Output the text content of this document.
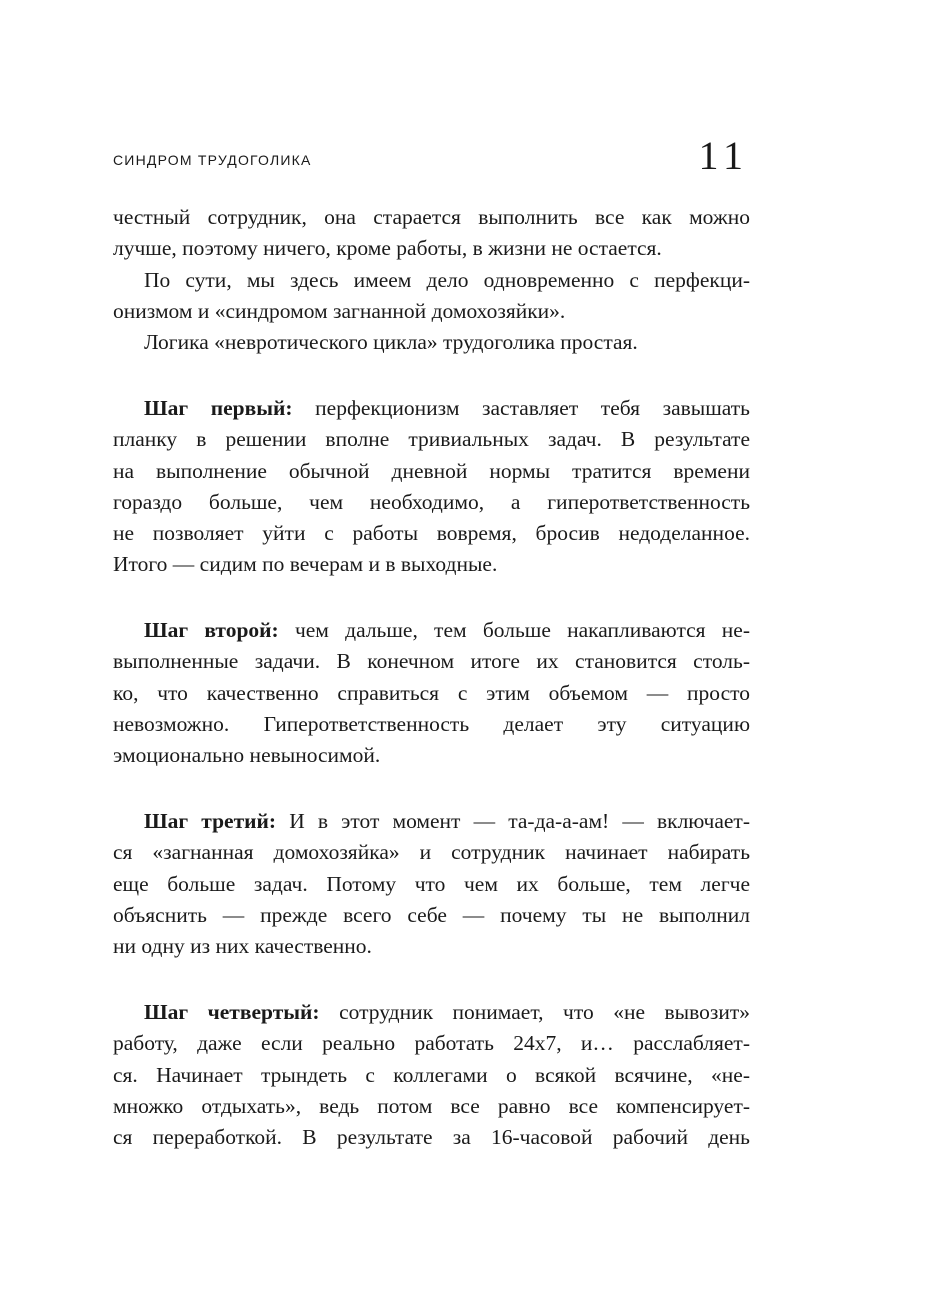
СИНДРОМ ТРУДОГОЛИКА	11
честный сотрудник, она старается выполнить все как можно
лучше, поэтому ничего, кроме работы, в жизни не остается.
По сути, мы здесь имеем дело одновременно с перфекци-
онизмом и «синдромом загнанной домохозяйки».
Логика «невротического цикла» трудоголика простая.
Шаг первый: перфекционизм заставляет тебя завышать
планку в решении вполне тривиальных задач. В результате
на выполнение обычной дневной нормы тратится времени
гораздо больше, чем необходимо, а гиперответственность
не позволяет уйти с работы вовремя, бросив недоделанное.
Итого — сидим по вечерам и в выходные.
Шаг второй: чем дальше, тем больше накапливаются не-
выполненные задачи. В конечном итоге их становится столь-
ко, что качественно справиться с этим объемом — просто
невозможно. Гиперответственность делает эту ситуацию
эмоционально невыносимой.
Шаг третий: И в этот момент — та-да-а-ам! — включает-
ся «загнанная домохозяйка» и сотрудник начинает набирать
еще больше задач. Потому что чем их больше, тем легче
объяснить — прежде всего себе — почему ты не выполнил
ни одну из них качественно.
Шаг четвертый: сотрудник понимает, что «не вывозит»
работу, даже если реально работать 24х7, и… расслабляет-
ся. Начинает трындеть с коллегами о всякой всячине, «не-
множко отдыхать», ведь потом все равно все компенсирует-
ся переработкой. В результате за 16-часовой рабочий день
